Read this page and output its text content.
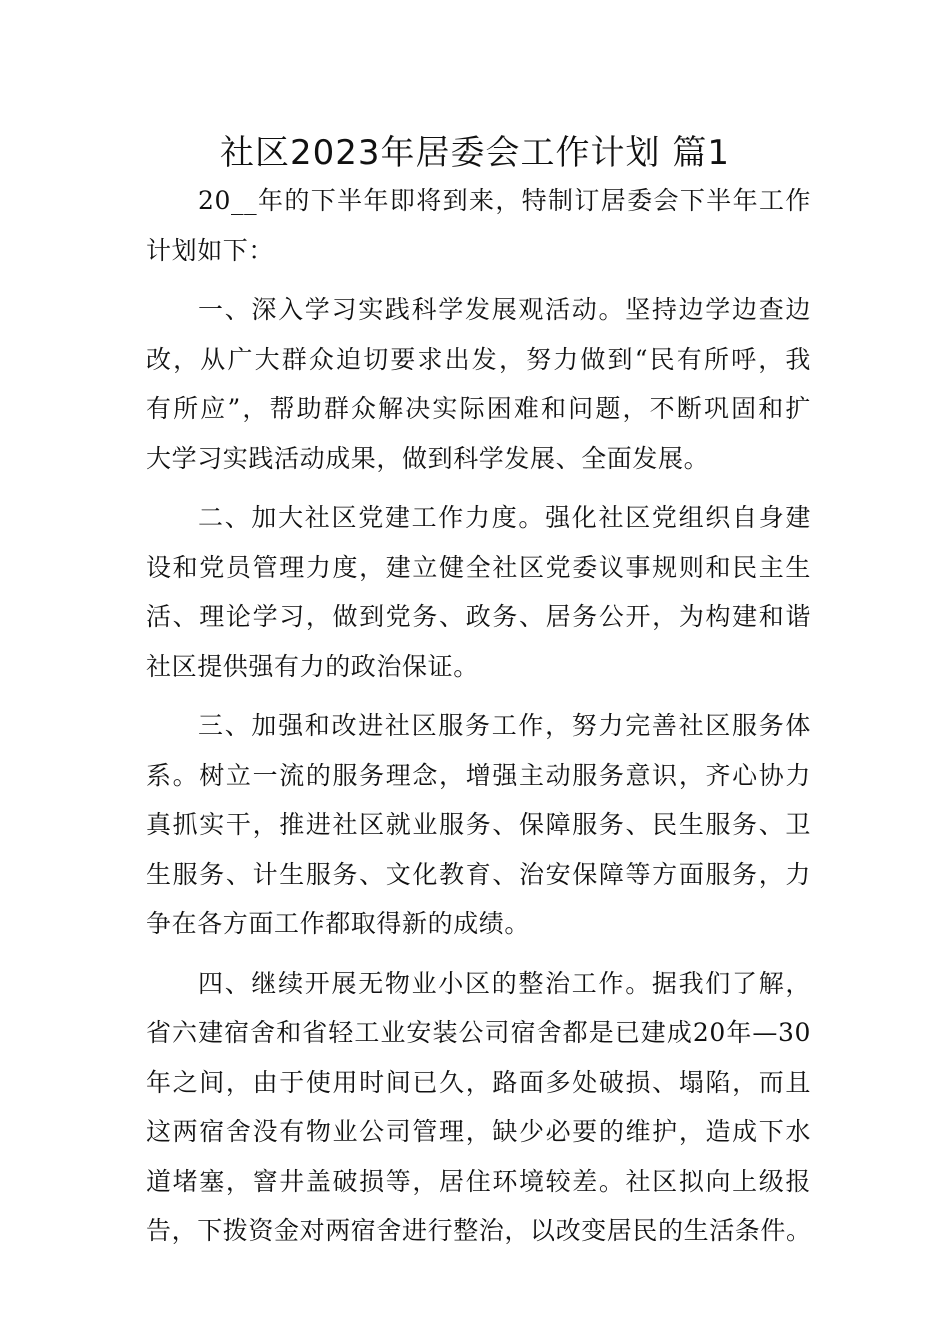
社区2023年居委会工作计划 篇1

20__年的下半年即将到来，特制订居委会下半年工作
计划如下：

一、深入学习实践科学发展观活动。坚持边学边查边
改，从广大群众迫切要求出发，努力做到“民有所呼，我
有所应”，帮助群众解决实际困难和问题，不断巩固和扩
大学习实践活动成果，做到科学发展、全面发展。

二、加大社区党建工作力度。强化社区党组织自身建
设和党员管理力度，建立健全社区党委议事规则和民主生
活、理论学习，做到党务、政务、居务公开，为构建和谐
社区提供强有力的政治保证。

三、加强和改进社区服务工作，努力完善社区服务体
系。树立一流的服务理念，增强主动服务意识，齐心协力
真抓实干，推进社区就业服务、保障服务、民生服务、卫
生服务、计生服务、文化教育、治安保障等方面服务，力
争在各方面工作都取得新的成绩。

四、继续开展无物业小区的整治工作。据我们了解，
省六建宿舍和省轻工业安装公司宿舍都是已建成20年—30
年之间，由于使用时间已久，路面多处破损、塌陷，而且
这两宿舍没有物业公司管理，缺少必要的维护，造成下水
道堵塞，窨井盖破损等，居住环境较差。社区拟向上级报
告，下拨资金对两宿舍进行整治，以改变居民的生活条件。
